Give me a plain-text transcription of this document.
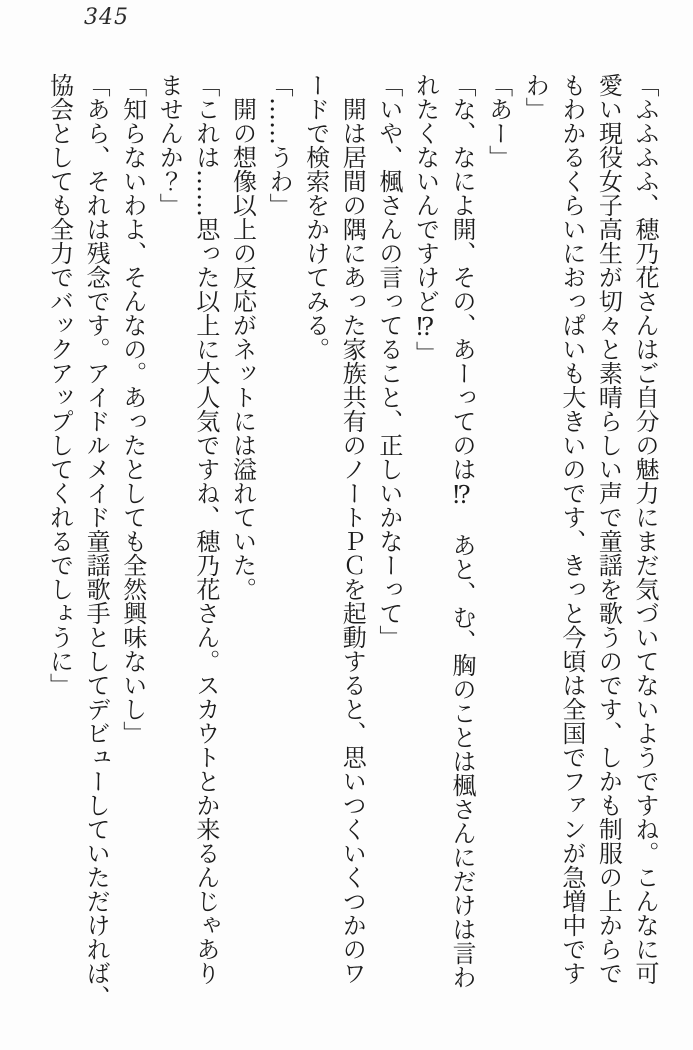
345
「ふふふふ、穂乃花さんはご自分の魅力にまだ気づいてないようですね。こんなに可
愛い現役女子高生が切々と素晴らしい声で童謡を歌うのです、しかも制服の上からで
もわかるくらいにおっぱいも大きいのです、きっと今頃は全国でファンが急増中です
わ」
「あー」
「な、なによ開、その、あーってのは⁉　あと、む、胸のことは楓さんにだけは言わ
れたくないんですけど⁉」
「いや、楓さんの言ってること、正しいかなーって」
　開は居間の隅にあった家族共有のノートＰＣを起動すると、思いつくいくつかのワ
ードで検索をかけてみる。
「……うわ」
　開の想像以上の反応がネットには溢れていた。
「これは……思った以上に大人気ですね、穂乃花さん。スカウトとか来るんじゃあり
ませんか？」
「知らないわよ、そんなの。あったとしても全然興味ないし」
「あら、それは残念です。アイドルメイド童謡歌手としてデビューしていただければ、
協会としても全力でバックアップしてくれるでしょうに」
